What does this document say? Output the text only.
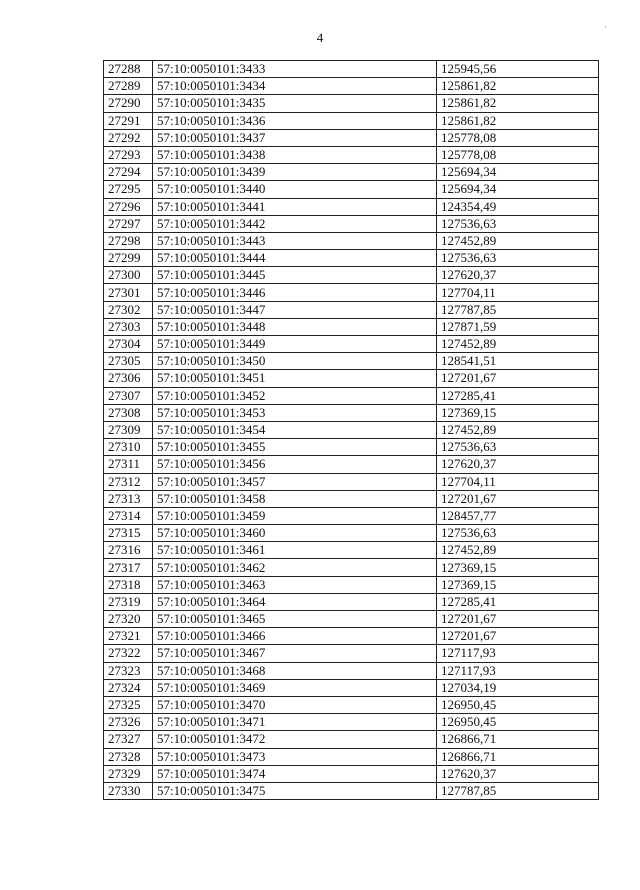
4
·
27288	57:10:0050101:3433	125945,56
27289	57:10:0050101:3434	125861,82
27290	57:10:0050101:3435	125861,82
27291	57:10:0050101:3436	125861,82
27292	57:10:0050101:3437	125778,08
27293	57:10:0050101:3438	125778,08
27294	57:10:0050101:3439	125694,34
27295	57:10:0050101:3440	125694,34
27296	57:10:0050101:3441	124354,49
27297	57:10:0050101:3442	127536,63
27298	57:10:0050101:3443	127452,89
27299	57:10:0050101:3444	127536,63
27300	57:10:0050101:3445	127620,37
27301	57:10:0050101:3446	127704,11
27302	57:10:0050101:3447	127787,85
27303	57:10:0050101:3448	127871,59
27304	57:10:0050101:3449	127452,89
27305	57:10:0050101:3450	128541,51
27306	57:10:0050101:3451	127201,67
27307	57:10:0050101:3452	127285,41
27308	57:10:0050101:3453	127369,15
27309	57:10:0050101:3454	127452,89
27310	57:10:0050101:3455	127536,63
27311	57:10:0050101:3456	127620,37
27312	57:10:0050101:3457	127704,11
27313	57:10:0050101:3458	127201,67
27314	57:10:0050101:3459	128457,77
27315	57:10:0050101:3460	127536,63
27316	57:10:0050101:3461	127452,89
27317	57:10:0050101:3462	127369,15
27318	57:10:0050101:3463	127369,15
27319	57:10:0050101:3464	127285,41
27320	57:10:0050101:3465	127201,67
27321	57:10:0050101:3466	127201,67
27322	57:10:0050101:3467	127117,93
27323	57:10:0050101:3468	127117,93
27324	57:10:0050101:3469	127034,19
27325	57:10:0050101:3470	126950,45
27326	57:10:0050101:3471	126950,45
27327	57:10:0050101:3472	126866,71
27328	57:10:0050101:3473	126866,71
27329	57:10:0050101:3474	127620,37
27330	57:10:0050101:3475	127787,85
